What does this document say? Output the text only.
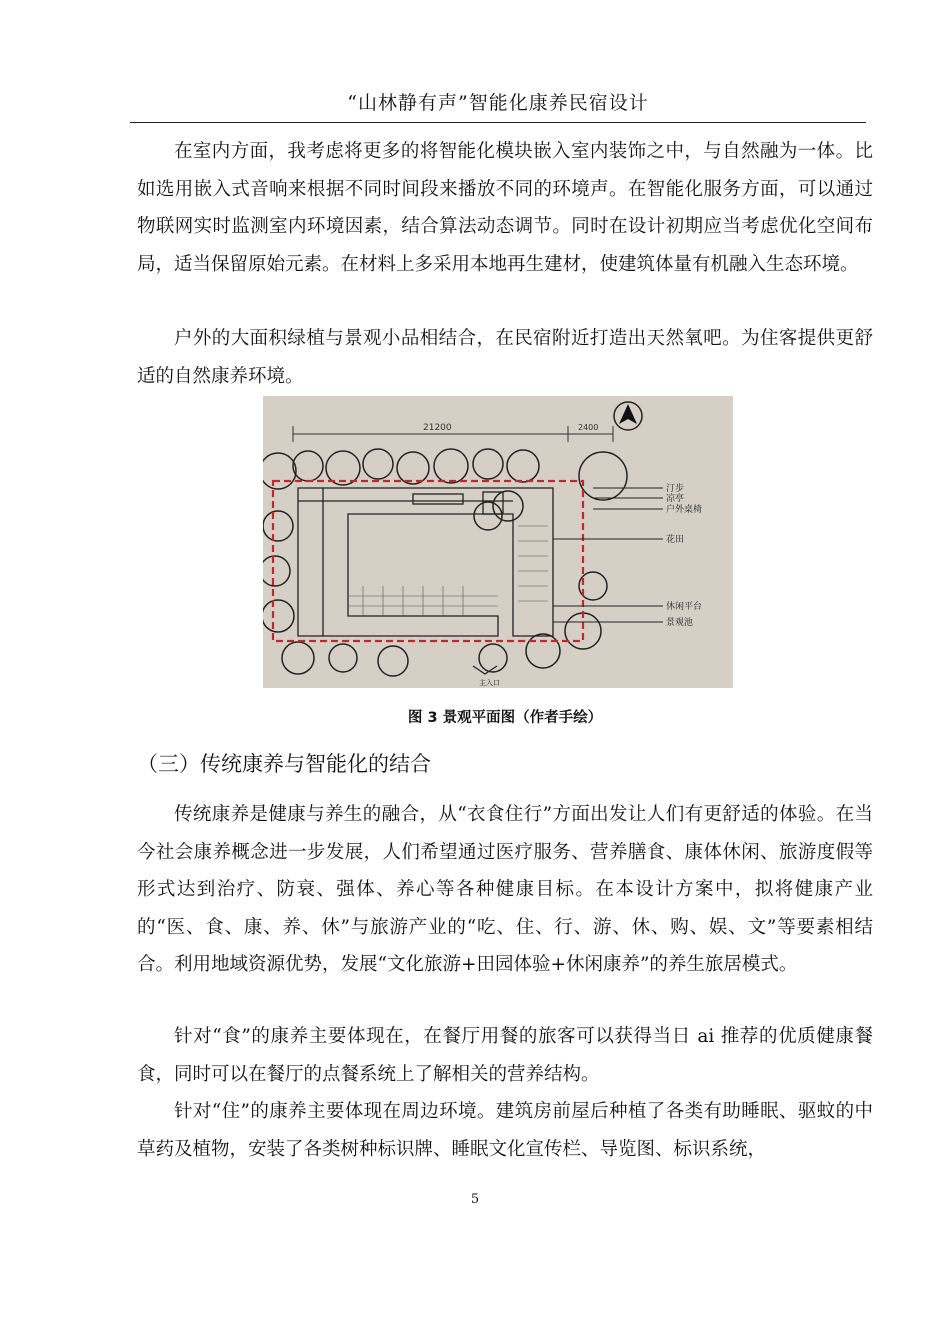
“山林静有声”智能化康养民宿设计

在室内方面，我考虑将更多的将智能化模块嵌入室内装饰之中，与自然融为一体。比如选用嵌入式音响来根据不同时间段来播放不同的环境声。在智能化服务方面，可以通过物联网实时监测室内环境因素，结合算法动态调节。同时在设计初期应当考虑优化空间布局，适当保留原始元素。在材料上多采用本地再生建材，使建筑体量有机融入生态环境。

户外的大面积绿植与景观小品相结合，在民宿附近打造出天然氧吧。为住客提供更舒适的自然康养环境。

21200	2400
主入口
汀步
凉亭
户外桌椅
花田
休闲平台
景观池
图 3 景观平面图（作者手绘）
（三）传统康养与智能化的结合

传统康养是健康与养生的融合，从“衣食住行”方面出发让人们有更舒适的体验。在当今社会康养概念进一步发展，人们希望通过医疗服务、营养膳食、康体休闲、旅游度假等形式达到治疗、防衰、强体、养心等各种健康目标。在本设计方案中，拟将健康产业的“医、食、康、养、休”与旅游产业的“吃、住、行、游、休、购、娱、文”等要素相结合。利用地域资源优势，发展“文化旅游+田园体验+休闲康养”的养生旅居模式。

针对“食”的康养主要体现在，在餐厅用餐的旅客可以获得当日 ai 推荐的优质健康餐食，同时可以在餐厅的点餐系统上了解相关的营养结构。

针对“住”的康养主要体现在周边环境。建筑房前屋后种植了各类有助睡眠、驱蚊的中草药及植物，安装了各类树种标识牌、睡眠文化宣传栏、导览图、标识系统，

5
